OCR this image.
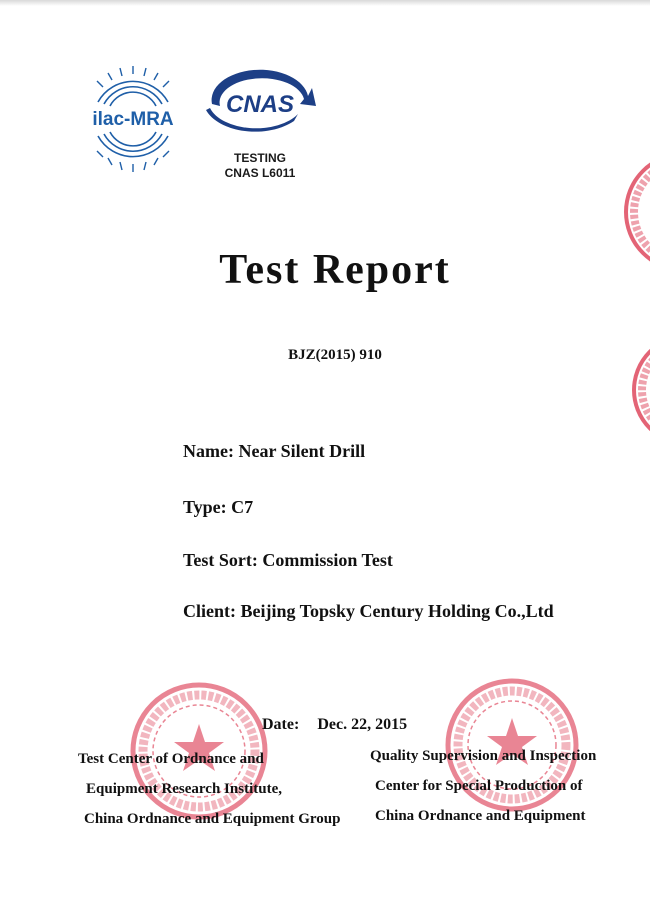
ilac-MRA
CNAS
TESTING
CNAS L6011
Test Report
BJZ(2015) 910
Name: Near Silent Drill
Type: C7
Test Sort: Commission Test
Client: Beijing Topsky Century Holding Co.,Ltd
Date: Dec. 22, 2015
Test Center of Ordnance and
Equipment Research Institute,
China Ordnance and Equipment Group
Quality Supervision and Inspection
Center for Special Production of
China Ordnance and Equipment
